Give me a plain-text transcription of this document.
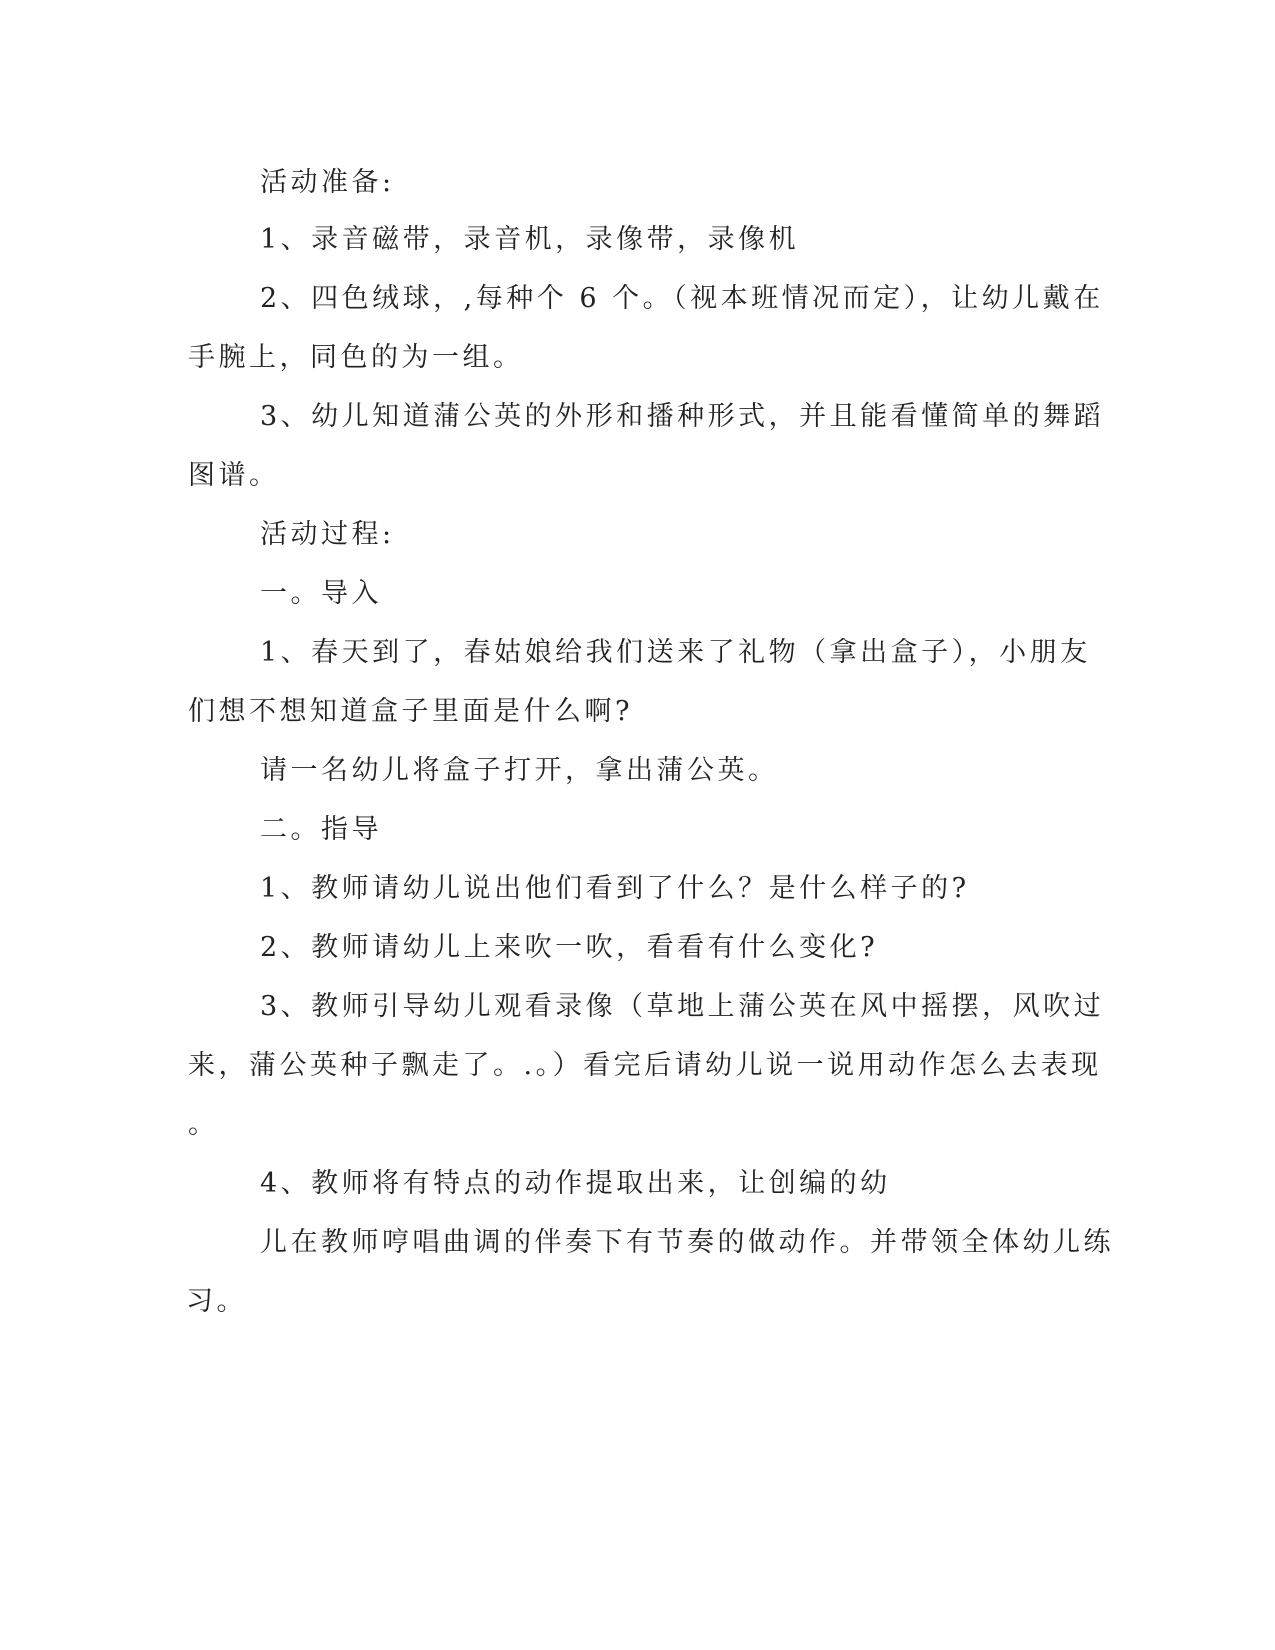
活动准备:
1、录音磁带，录音机，录像带，录像机
2、四色绒球，,每种个 6 个。（视本班情况而定），让幼儿戴在
手腕上，同色的为一组。
3、幼儿知道蒲公英的外形和播种形式，并且能看懂简单的舞蹈
图谱。
活动过程:
一。导入
1、春天到了，春姑娘给我们送来了礼物（拿出盒子），小朋友
们想不想知道盒子里面是什么啊?
请一名幼儿将盒子打开，拿出蒲公英。
二。指导
1、教师请幼儿说出他们看到了什么？是什么样子的?
2、教师请幼儿上来吹一吹，看看有什么变化?
3、教师引导幼儿观看录像（草地上蒲公英在风中摇摆，风吹过
来，蒲公英种子飘走了。.。）看完后请幼儿说一说用动作怎么去表现
。
4、教师将有特点的动作提取出来，让创编的幼
儿在教师哼唱曲调的伴奏下有节奏的做动作。并带领全体幼儿练
习。
